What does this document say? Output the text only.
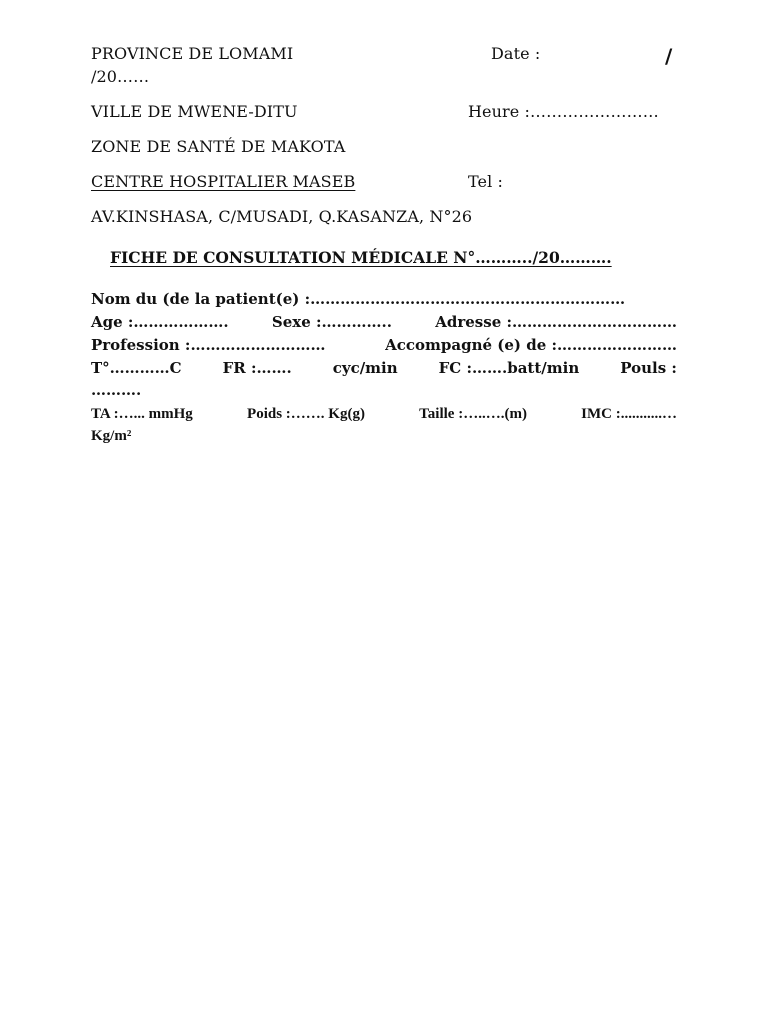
PROVINCE DE LOMAMI	Date :	/
/20……
VILLE DE MWENE-DITU	Heure :……………………
ZONE DE SANTÉ DE MAKOTA
CENTRE HOSPITALIER MASEB	Tel :
AV.KINSHASA, C/MUSADI, Q.KASANZA, N°26
FICHE DE CONSULTATION MÉDICALE N°………../20……….
Nom du (de la patient(e) :………………………………………………………
Age :……………….	Sexe :…………..	Adresse :……………………………
Profession :………………………	Accompagné (e) de :……………………
T°…………C	FR :…….	cyc/min	FC :…….batt/min	Pouls :
……….
TA :…... mmHg	Poids :……. Kg(g)	Taille :…..….(m)	IMC :...........…
Kg/m²
